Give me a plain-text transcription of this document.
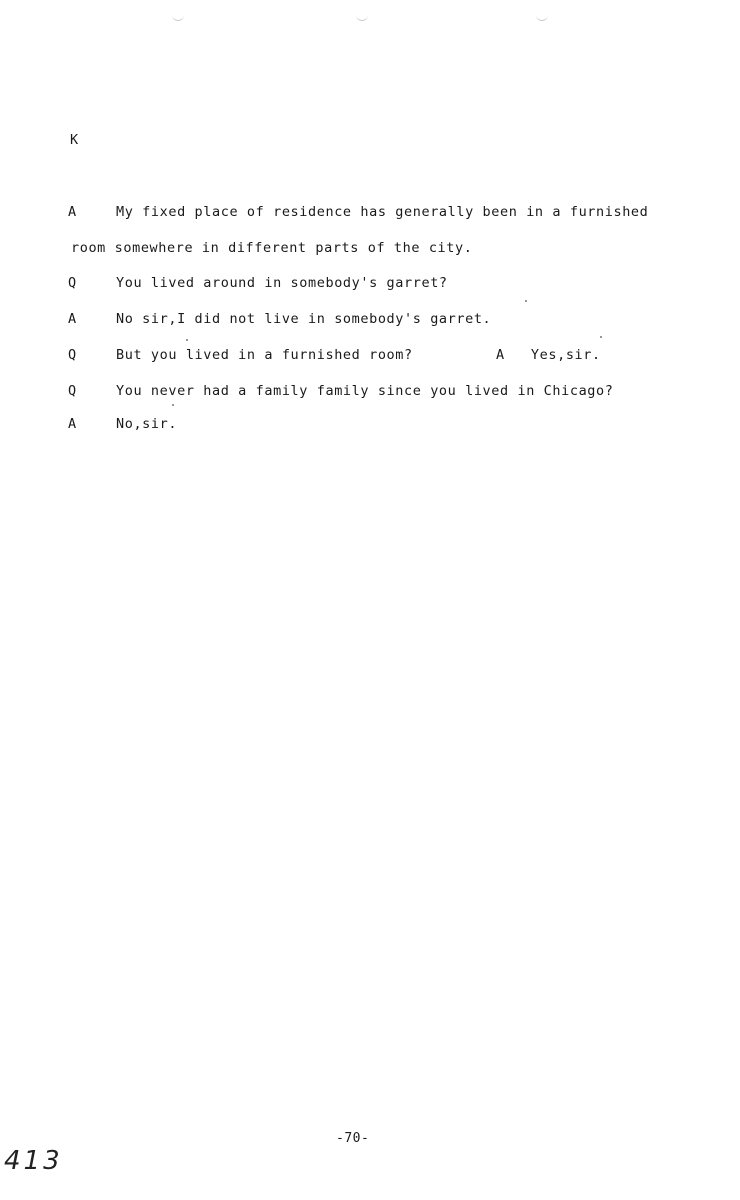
K
A	My fixed place of residence has generally been in a furnished
room somewhere in different parts of the city.
Q	You lived around in somebody's garret?
A	No sir,I did not live in somebody's garret.
Q	But you lived in a furnished room?	A Yes,sir.
Q	You never had a family family since you lived in Chicago?
A	No,sir.
-70-
413
